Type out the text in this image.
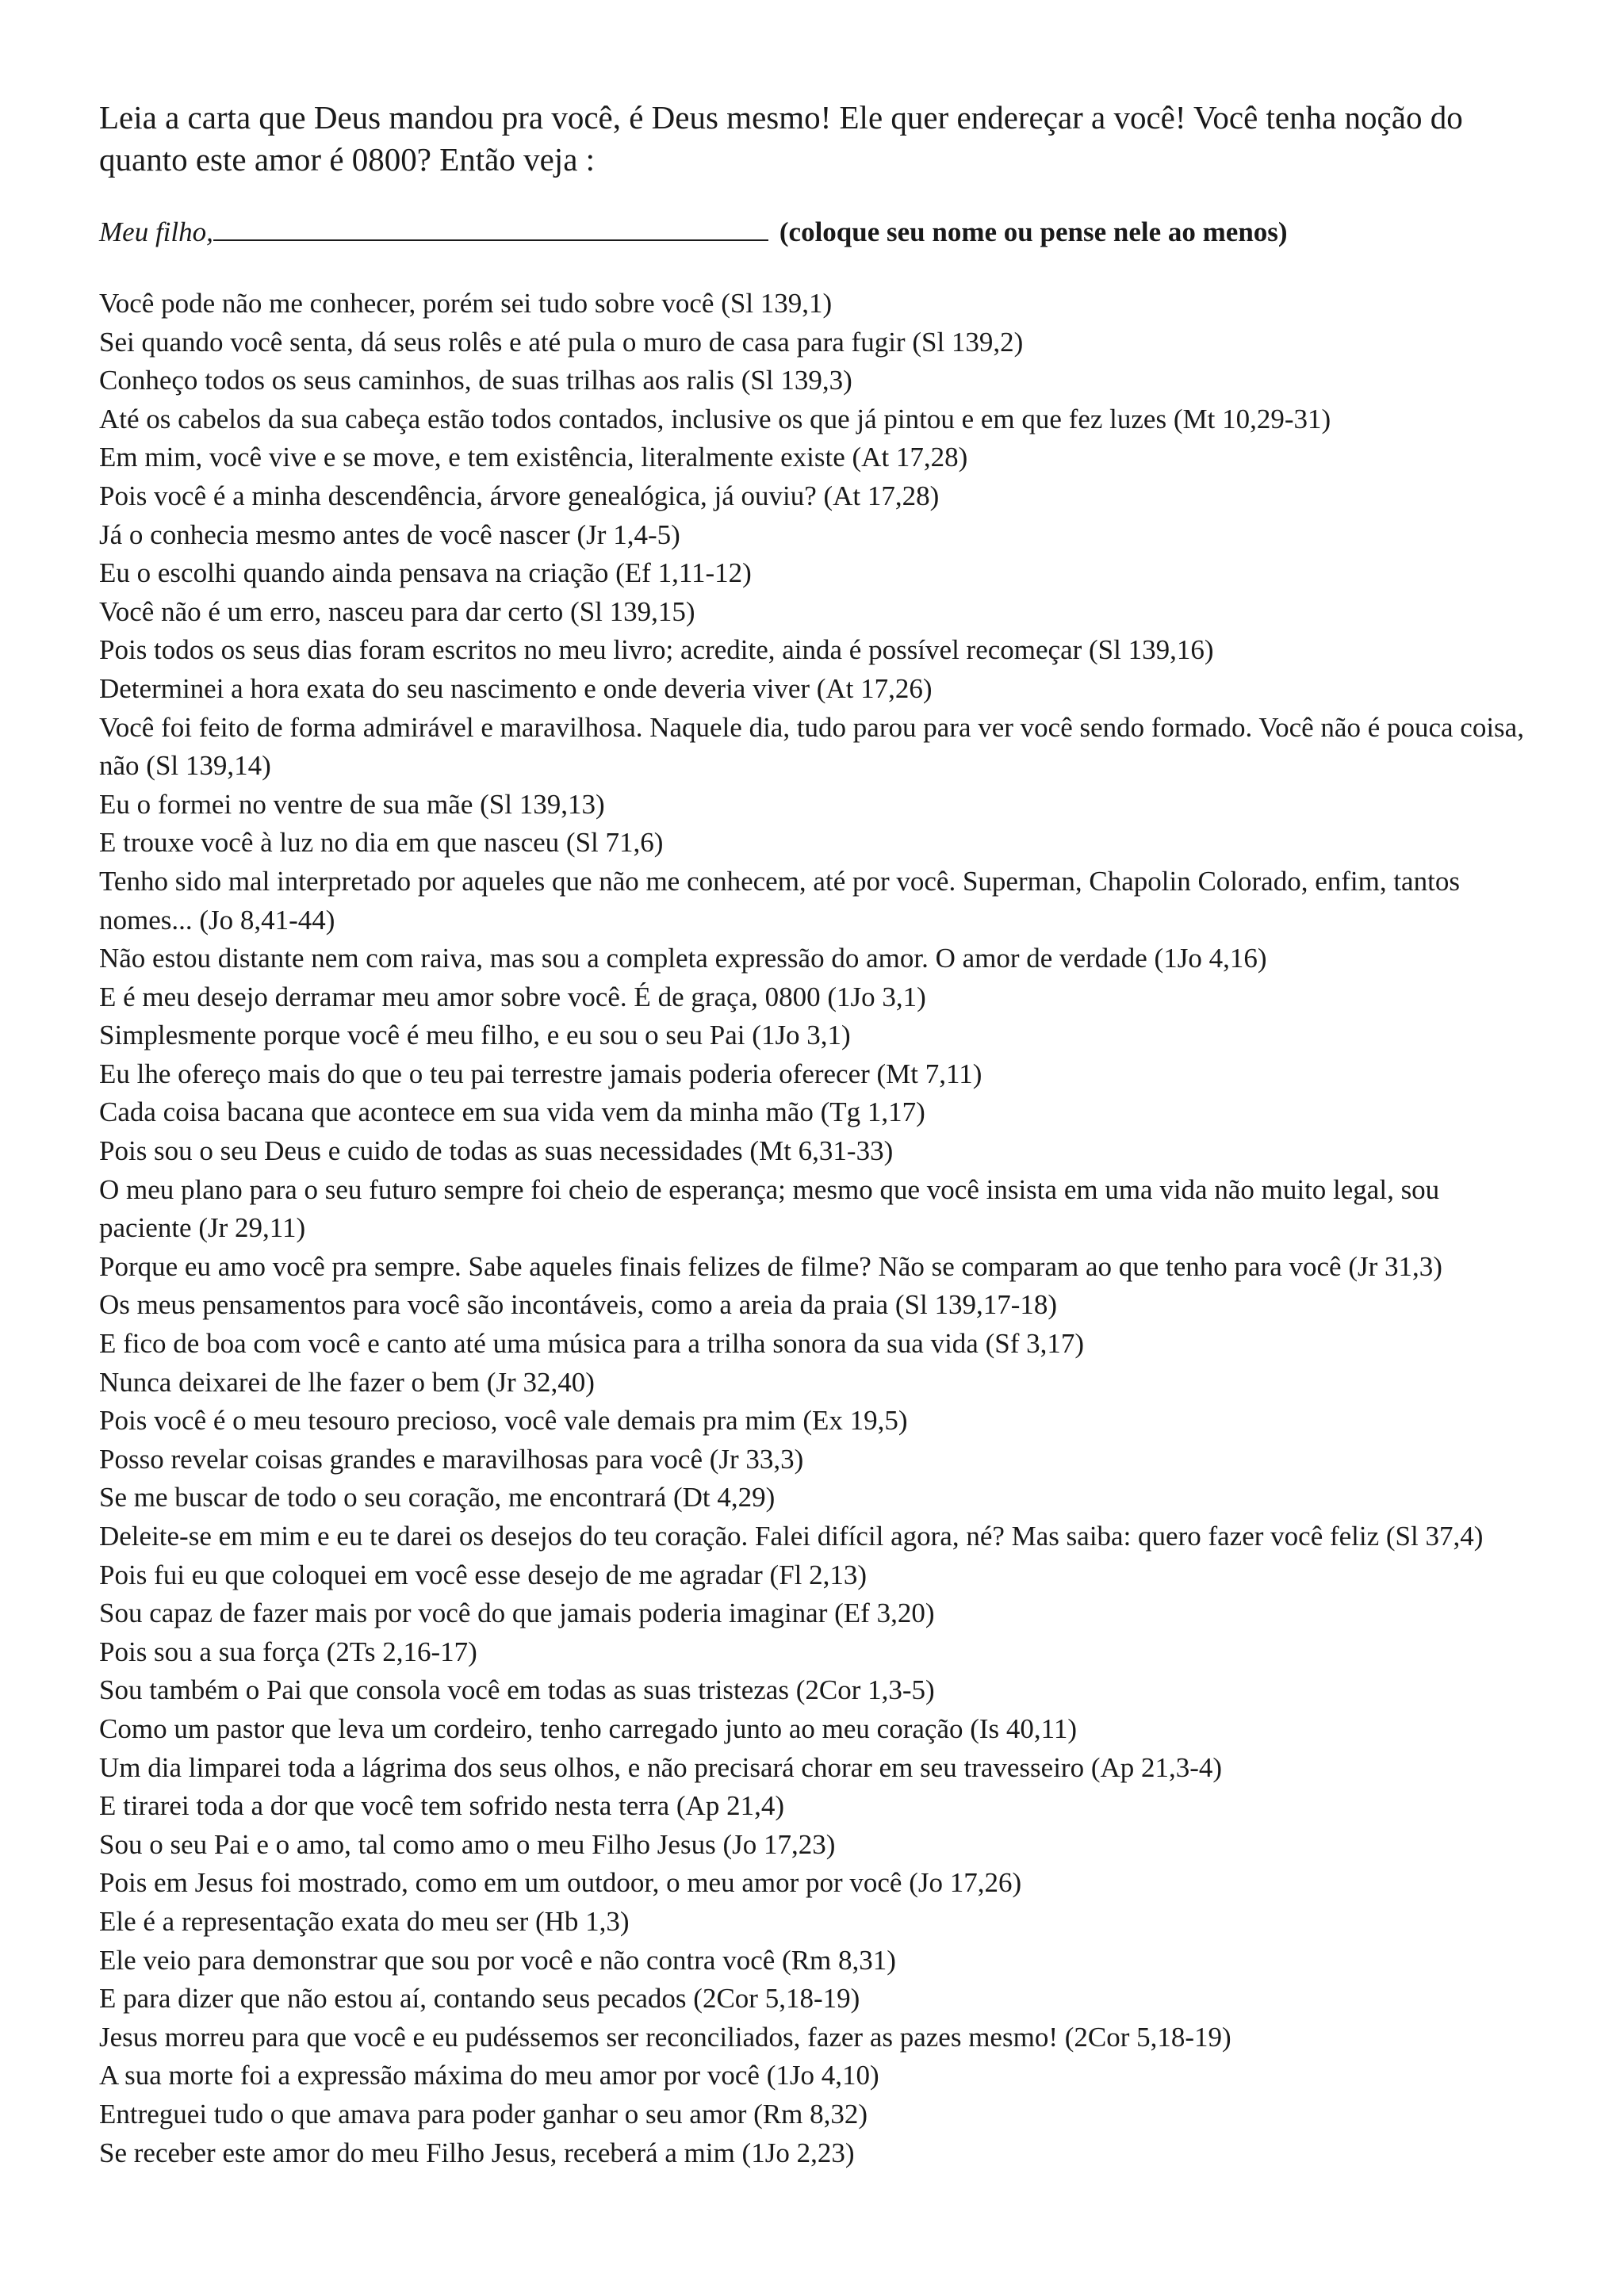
Leia a carta que Deus mandou pra você, é Deus mesmo! Ele quer endereçar a você! Você tenha noção do quanto este amor é 0800? Então veja :

Meu filho,	(coloque seu nome ou pense nele ao menos)
Você pode não me conhecer, porém sei tudo sobre você (Sl 139,1)
Sei quando você senta, dá seus rolês e até pula o muro de casa para fugir (Sl 139,2)
Conheço todos os seus caminhos, de suas trilhas aos ralis (Sl 139,3)
Até os cabelos da sua cabeça estão todos contados, inclusive os que já pintou e em que fez luzes (Mt 10,29-31)
Em mim, você vive e se move, e tem existência, literalmente existe (At 17,28)
Pois você é a minha descendência, árvore genealógica, já ouviu? (At 17,28)
Já o conhecia mesmo antes de você nascer (Jr 1,4-5)
Eu o escolhi quando ainda pensava na criação (Ef 1,11-12)
Você não é um erro, nasceu para dar certo (Sl 139,15)
Pois todos os seus dias foram escritos no meu livro; acredite, ainda é possível recomeçar (Sl 139,16)
Determinei a hora exata do seu nascimento e onde deveria viver (At 17,26)
Você foi feito de forma admirável e maravilhosa. Naquele dia, tudo parou para ver você sendo formado. Você não é pouca coisa, não (Sl 139,14)
Eu o formei no ventre de sua mãe (Sl 139,13)
E trouxe você à luz no dia em que nasceu (Sl 71,6)
Tenho sido mal interpretado por aqueles que não me conhecem, até por você. Superman, Chapolin Colorado, enfim, tantos nomes... (Jo 8,41-44)
Não estou distante nem com raiva, mas sou a completa expressão do amor. O amor de verdade (1Jo 4,16)
E é meu desejo derramar meu amor sobre você. É de graça, 0800 (1Jo 3,1)
Simplesmente porque você é meu filho, e eu sou o seu Pai (1Jo 3,1)
Eu lhe ofereço mais do que o teu pai terrestre jamais poderia oferecer (Mt 7,11)
Cada coisa bacana que acontece em sua vida vem da minha mão (Tg 1,17)
Pois sou o seu Deus e cuido de todas as suas necessidades (Mt 6,31-33)
O meu plano para o seu futuro sempre foi cheio de esperança; mesmo que você insista em uma vida não muito legal, sou paciente (Jr 29,11)
Porque eu amo você pra sempre. Sabe aqueles finais felizes de filme? Não se comparam ao que tenho para você (Jr 31,3)
Os meus pensamentos para você são incontáveis, como a areia da praia (Sl 139,17-18)
E fico de boa com você e canto até uma música para a trilha sonora da sua vida (Sf 3,17)
Nunca deixarei de lhe fazer o bem (Jr 32,40)
Pois você é o meu tesouro precioso, você vale demais pra mim (Ex 19,5)
Posso revelar coisas grandes e maravilhosas para você (Jr 33,3)
Se me buscar de todo o seu coração, me encontrará (Dt 4,29)
Deleite-se em mim e eu te darei os desejos do teu coração. Falei difícil agora, né? Mas saiba: quero fazer você feliz (Sl 37,4)
Pois fui eu que coloquei em você esse desejo de me agradar (Fl 2,13)
Sou capaz de fazer mais por você do que jamais poderia imaginar (Ef 3,20)
Pois sou a sua força (2Ts 2,16-17)
Sou também o Pai que consola você em todas as suas tristezas (2Cor 1,3-5)
Como um pastor que leva um cordeiro, tenho carregado junto ao meu coração (Is 40,11)
Um dia limparei toda a lágrima dos seus olhos, e não precisará chorar em seu travesseiro (Ap 21,3-4)
E tirarei toda a dor que você tem sofrido nesta terra (Ap 21,4)
Sou o seu Pai e o amo, tal como amo o meu Filho Jesus (Jo 17,23)
Pois em Jesus foi mostrado, como em um outdoor, o meu amor por você (Jo 17,26)
Ele é a representação exata do meu ser (Hb 1,3)
Ele veio para demonstrar que sou por você e não contra você (Rm 8,31)
E para dizer que não estou aí, contando seus pecados (2Cor 5,18-19)
Jesus morreu para que você e eu pudéssemos ser reconciliados, fazer as pazes mesmo! (2Cor 5,18-19)
A sua morte foi a expressão máxima do meu amor por você (1Jo 4,10)
Entreguei tudo o que amava para poder ganhar o seu amor (Rm 8,32)
Se receber este amor do meu Filho Jesus, receberá a mim (1Jo 2,23)
